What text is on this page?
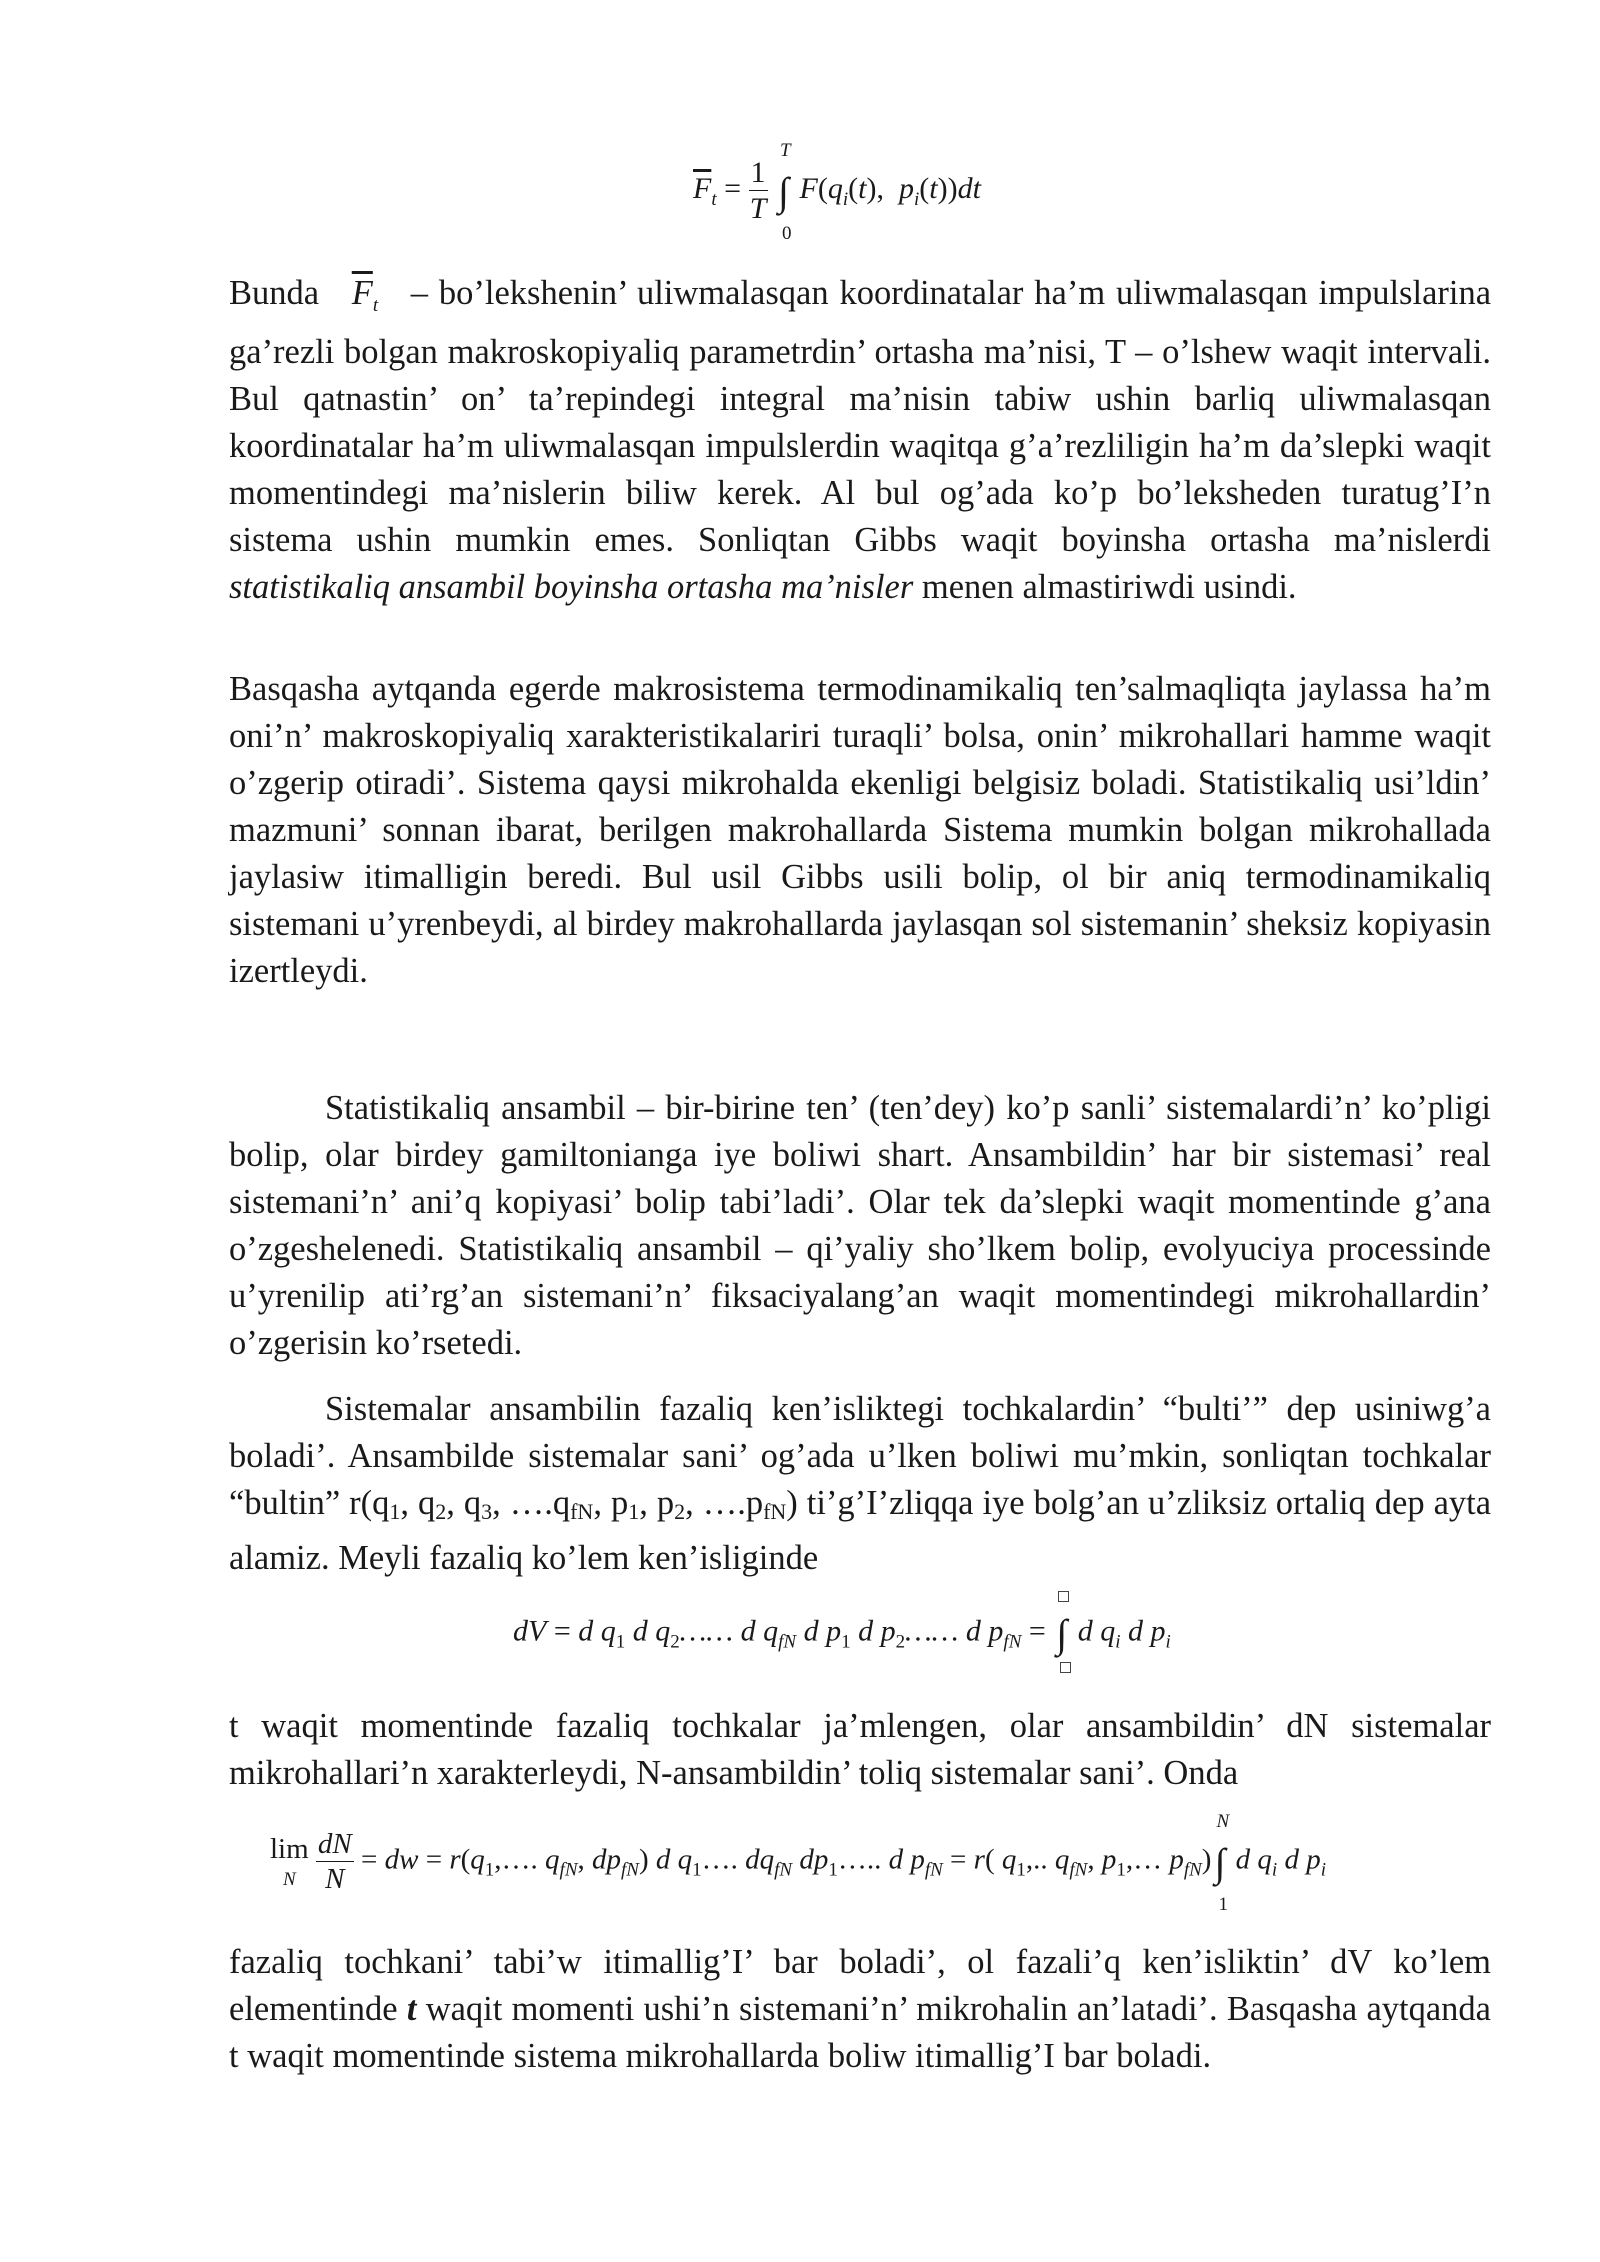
$\overline{F}_t = \frac{1}{T}$ ∫
T
0
$F(q_i(t)$,  $p_i(t))dt$

Bunda $\overline{F}_t$ – bo’lekshenin’ uliwmalasqan koordinatalar ha’m uliwmalasqan impulslarina ga’rezli bolgan makroskopiyaliq parametrdin’ ortasha ma’nisi, T – o’lshew waqit intervali. Bul qatnastin’ on’ ta’repindegi integral ma’nisin tabiw ushin barliq uliwmalasqan koordinatalar ha’m uliwmalasqan impulslerdin waqitqa g’a’rezliligin ha’m da’slepki waqit momentindegi ma’nislerin biliw kerek. Al bul og’ada ko’p bo’leksheden turatug’I’n sistema ushin mumkin emes. Sonliqtan Gibbs waqit boyinsha ortasha ma’nislerdi statistikaliq ansambil boyinsha ortasha ma’nisler menen almastiriwdi usindi.

Basqasha aytqanda egerde makrosistema termodinamikaliq ten’salmaqliqta jaylassa ha’m oni’n’ makroskopiyaliq xarakteristikalariri turaqli’ bolsa, onin’ mikrohallari hamme waqit o’zgerip otiradi’. Sistema qaysi mikrohalda ekenligi belgisiz boladi. Statistikaliq usi’ldin’ mazmuni’ sonnan ibarat, berilgen makrohallarda Sistema mumkin bolgan mikrohallada jaylasiw itimalligin beredi. Bul usil Gibbs usili bolip, ol bir aniq termodinamikaliq sistemani u’yrenbeydi, al birdey makrohallarda jaylasqan sol sistemanin’ sheksiz kopiyasin izertleydi.

Statistikaliq ansambil – bir-birine ten’ (ten’dey) ko’p sanli’ sistemalardi’n’ ko’pligi bolip, olar birdey gamiltonianga iye boliwi shart. Ansambildin’ har bir sistemasi’ real sistemani’n’ ani’q kopiyasi’ bolip tabi’ladi’. Olar tek da’slepki waqit momentinde g’ana o’zgeshelenedi. Statistikaliq ansambil – qi’yaliy sho’lkem bolip, evolyuciya processinde u’yrenilip ati’rg’an sistemani’n’ fiksaciyalang’an waqit momentindegi mikrohallardin’ o’zgerisin ko’rsetedi.

Sistemalar ansambilin fazaliq ken’isliktegi tochkalardin’ “bulti’” dep usiniwg’a boladi’. Ansambilde sistemalar sani’ og’ada u’lken boliwi mu’mkin, sonliqtan tochkalar “bultin” $r(q_1$, $q_2$, $q_3$, $\dots.q_{fN}$, $p_1$, $p_2$, $\dots.p_{fN}$) ti’g’I’zliqqa iye bolg’an u’zliksiz ortaliq dep ayta alamiz. Meyli fazaliq ko’lem ken’isliginde

dV = d $q_1$ d $q_2\dots\dots$ d $q_{fN}$ d $p_1$ d $p_2\dots\dots$ d $p_{fN}$ = ∫
d $q_i$ d $p_i$

t waqit momentinde fazaliq tochkalar ja’mlengen, olar ansambildin’ dN sistemalar mikrohallari’n xarakterleydi, N-ansambildin’ toliq sistemalar sani’. Onda

lim
N
$\frac{dN}{N}$ = dw = $r(q_1,\dots$. $q_{fN}$, $dp_{fN}$) d $q_1\dots$. $dq_{fN}$ $dp_1\dots$.. d $p_{fN} = r$( $q_1$,.. $q_{fN}$, $p_1,\dots$ $p_{fN})\int$
N
1
d $q_i$ d $p_i$

fazaliq tochkani’ tabi’w itimallig’I’ bar boladi’, ol fazali’q ken’isliktin’ dV ko’lem elementinde t waqit momenti ushi’n sistemani’n’ mikrohalin an’latadi’. Basqasha aytqanda t waqit momentinde sistema mikrohallarda boliw itimallig’I bar boladi.
